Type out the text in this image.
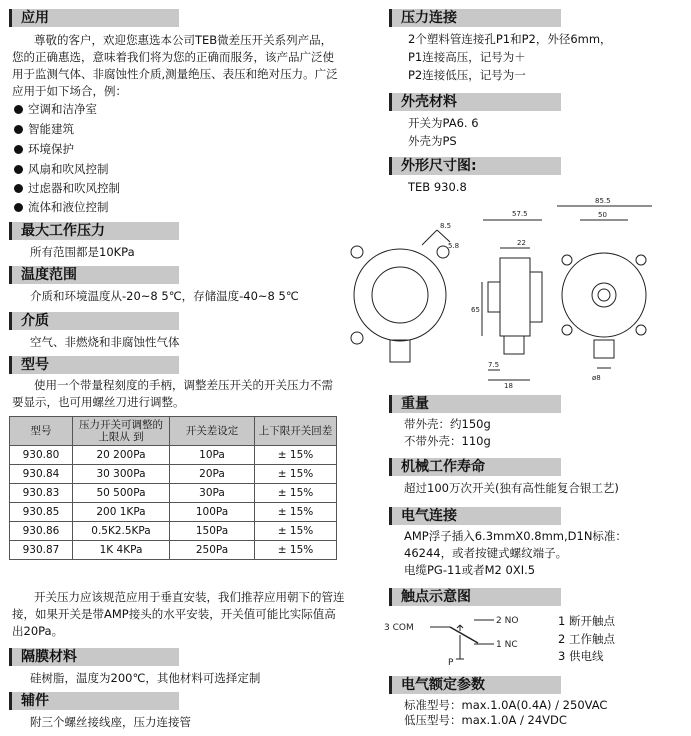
应用
尊敬的客户，欢迎您惠选本公司TEB微差压开关系列产品，您的正确惠选，意味着我们将为您的正确而服务，该产品广泛使用于监测气体、非腐蚀性介质,测量绝压、表压和绝对压力。广泛应用于如下场合，例：
空调和洁净室
智能建筑
环境保护
风扇和吹风控制
过虑器和吹风控制
流体和液位控制
最大工作压力
所有范围都是10KPa
温度范围
介质和环境温度从-20~8 5℃，存储温度-40~8 5℃
介质
空气、非燃烧和非腐蚀性气体
型号
使用一个带量程刻度的手柄，调整差压开关的开关压力不需要显示，也可用螺丝刀进行调整。
型号	压力开关可调整的上限从 到	开关差设定	上下限开关回差
930.80	20 200Pa	10Pa	± 15%
930.84	30 300Pa	20Pa	± 15%
930.83	50 500Pa	30Pa	± 15%
930.85	200 1KPa	100Pa	± 15%
930.86	0.5K2.5KPa	150Pa	± 15%
930.87	1K 4KPa	250Pa	± 15%
开关压力应该规范应用于垂直安装，我们推荐应用朝下的管连接，如果开关是带AMP接头的水平安装，开关值可能比实际值高出20Pa。
隔膜材料
硅树脂，温度为200℃，其他材料可选择定制
辅件
附三个螺丝接线座，压力连接管
压力连接
2个塑料管连接孔P1和P2，外径6mm，
P1连接高压，记号为＋
P2连接低压，记号为一
外壳材料
开关为PA6. 6
外壳为PS
外形尺寸图:
TEB 930.8
57.5
22
85.5
50
65
7.5
18
ø8
8.5
5.8
重量
带外壳：约150g
不带外壳：110g
机械工作寿命
超过100万次开关(独有高性能复合银工艺)
电气连接
AMP浮子插入6.3mmX0.8mm,D1N标准：
46244，或者按键式螺纹端子。
电缆PG-11或者M2 0XI.5
触点示意图
3 COM
2 NO
1 NC
P
1 断开触点
2 工作触点
3 供电线
电气额定参数
标准型号：max.1.0A(0.4A) / 250VAC
低压型号：max.1.0A / 24VDC
